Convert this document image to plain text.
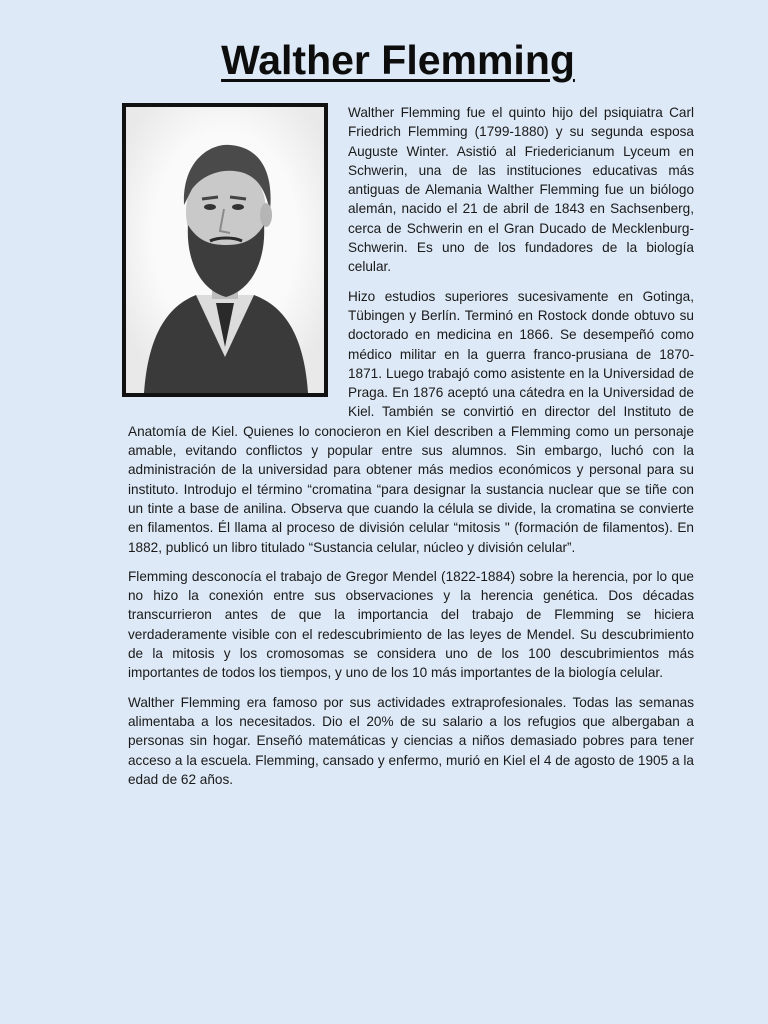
Walther Flemming

Walther Flemming fue el quinto hijo del psiquiatra Carl Friedrich Flemming (1799-1880) y su segunda esposa Auguste Winter. Asistió al Friedericianum Lyceum en Schwerin, una de las instituciones educativas más antiguas de Alemania Walther Flemming fue un biólogo alemán, nacido el 21 de abril de 1843 en Sachsenberg, cerca de Schwerin en el Gran Ducado de Mecklenburg-Schwerin. Es uno de los fundadores de la biología celular.

Hizo estudios superiores sucesivamente en Gotinga, Tübingen y Berlín. Terminó en Rostock donde obtuvo su doctorado en medicina en 1866. Se desempeñó como médico militar en la guerra franco-prusiana de 1870-1871. Luego trabajó como asistente en la Universidad de Praga. En 1876 aceptó una cátedra en la Universidad de Kiel. También se convirtió en director del Instituto de Anatomía de Kiel. Quienes lo conocieron en Kiel describen a Flemming como un personaje amable, evitando conflictos y popular entre sus alumnos. Sin embargo, luchó con la administración de la universidad para obtener más medios económicos y personal para su instituto. Introdujo el término “cromatina “para designar la sustancia nuclear que se tiñe con un tinte a base de anilina. Observa que cuando la célula se divide, la cromatina se convierte en filamentos. Él llama al proceso de división celular “mitosis " (formación de filamentos). En 1882, publicó un libro titulado “Sustancia celular, núcleo y división celular”.

Flemming desconocía el trabajo de Gregor Mendel (1822-1884) sobre la herencia, por lo que no hizo la conexión entre sus observaciones y la herencia genética. Dos décadas transcurrieron antes de que la importancia del trabajo de Flemming se hiciera verdaderamente visible con el redescubrimiento de las leyes de Mendel. Su descubrimiento de la mitosis y los cromosomas se considera uno de los 100 descubrimientos más importantes de todos los tiempos, y uno de los 10 más importantes de la biología celular.

Walther Flemming era famoso por sus actividades extraprofesionales. Todas las semanas alimentaba a los necesitados. Dio el 20% de su salario a los refugios que albergaban a personas sin hogar. Enseñó matemáticas y ciencias a niños demasiado pobres para tener acceso a la escuela. Flemming, cansado y enfermo, murió en Kiel el 4 de agosto de 1905 a la edad de 62 años.
